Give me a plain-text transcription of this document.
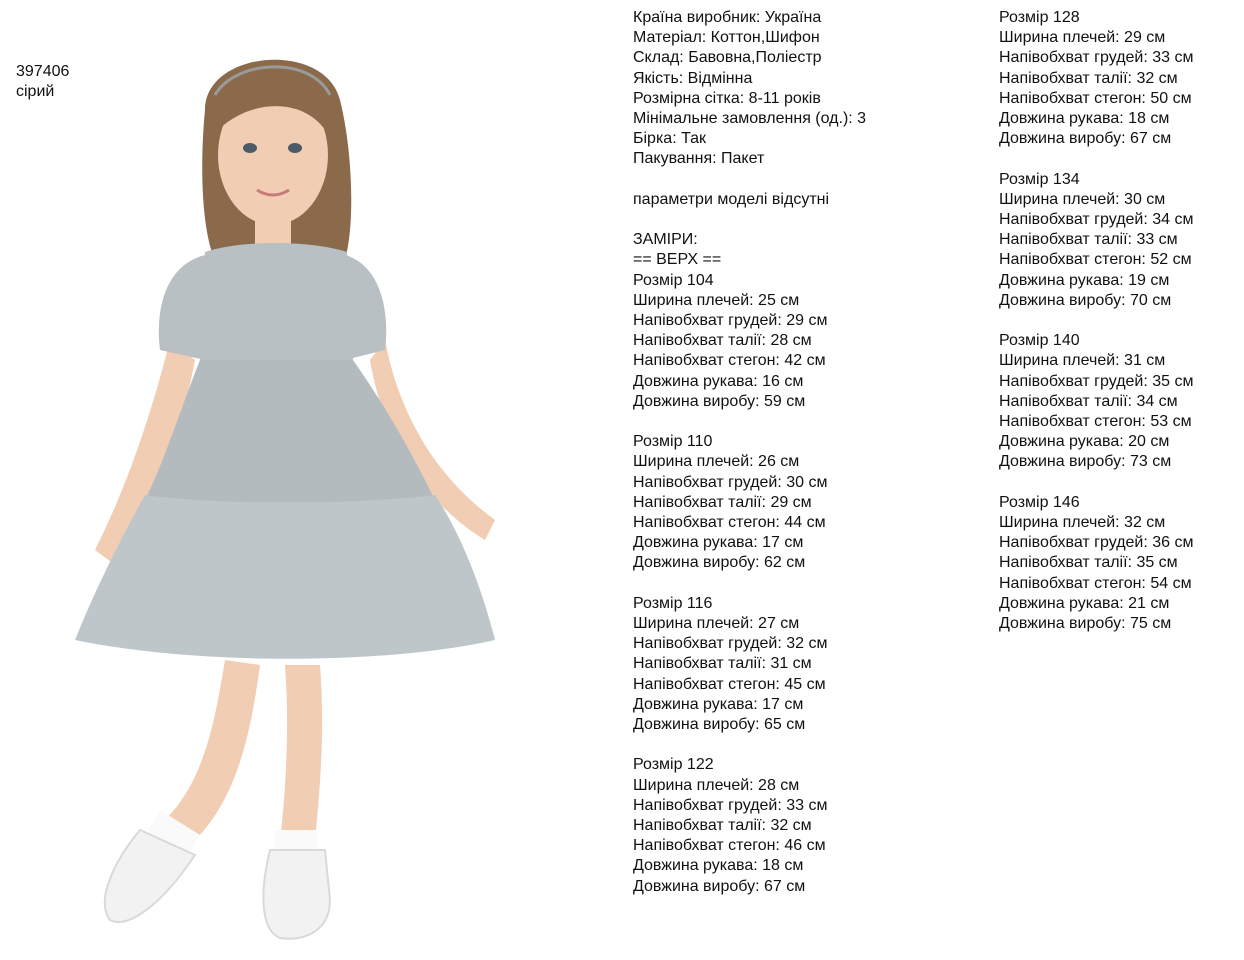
397406
сірий
Країна виробник: Україна
Матеріал: Коттон,Шифон
Склад: Бавовна,Поліестр
Якість: Відмінна
Розмірна сітка: 8-11 років
Мінімальне замовлення (од.): 3
Бірка: Так
Пакування: Пакет
параметри моделі відсутні
ЗАМІРИ:
== ВЕРХ ==
Розмір 104
Ширина плечей: 25 см
Напівобхват грудей: 29 см
Напівобхват талії: 28 см
Напівобхват стегон: 42 см
Довжина рукава: 16 см
Довжина виробу: 59 см
Розмір 110
Ширина плечей: 26 см
Напівобхват грудей: 30 см
Напівобхват талії: 29 см
Напівобхват стегон: 44 см
Довжина рукава: 17 см
Довжина виробу: 62 см
Розмір 116
Ширина плечей: 27 см
Напівобхват грудей: 32 см
Напівобхват талії: 31 см
Напівобхват стегон: 45 см
Довжина рукава: 17 см
Довжина виробу: 65 см
Розмір 122
Ширина плечей: 28 см
Напівобхват грудей: 33 см
Напівобхват талії: 32 см
Напівобхват стегон: 46 см
Довжина рукава: 18 см
Довжина виробу: 67 см
Розмір 128
Ширина плечей: 29 см
Напівобхват грудей: 33 см
Напівобхват талії: 32 см
Напівобхват стегон: 50 см
Довжина рукава: 18 см
Довжина виробу: 67 см
Розмір 134
Ширина плечей: 30 см
Напівобхват грудей: 34 см
Напівобхват талії: 33 см
Напівобхват стегон: 52 см
Довжина рукава: 19 см
Довжина виробу: 70 см
Розмір 140
Ширина плечей: 31 см
Напівобхват грудей: 35 см
Напівобхват талії: 34 см
Напівобхват стегон: 53 см
Довжина рукава: 20 см
Довжина виробу: 73 см
Розмір 146
Ширина плечей: 32 см
Напівобхват грудей: 36 см
Напівобхват талії: 35 см
Напівобхват стегон: 54 см
Довжина рукава: 21 см
Довжина виробу: 75 см
